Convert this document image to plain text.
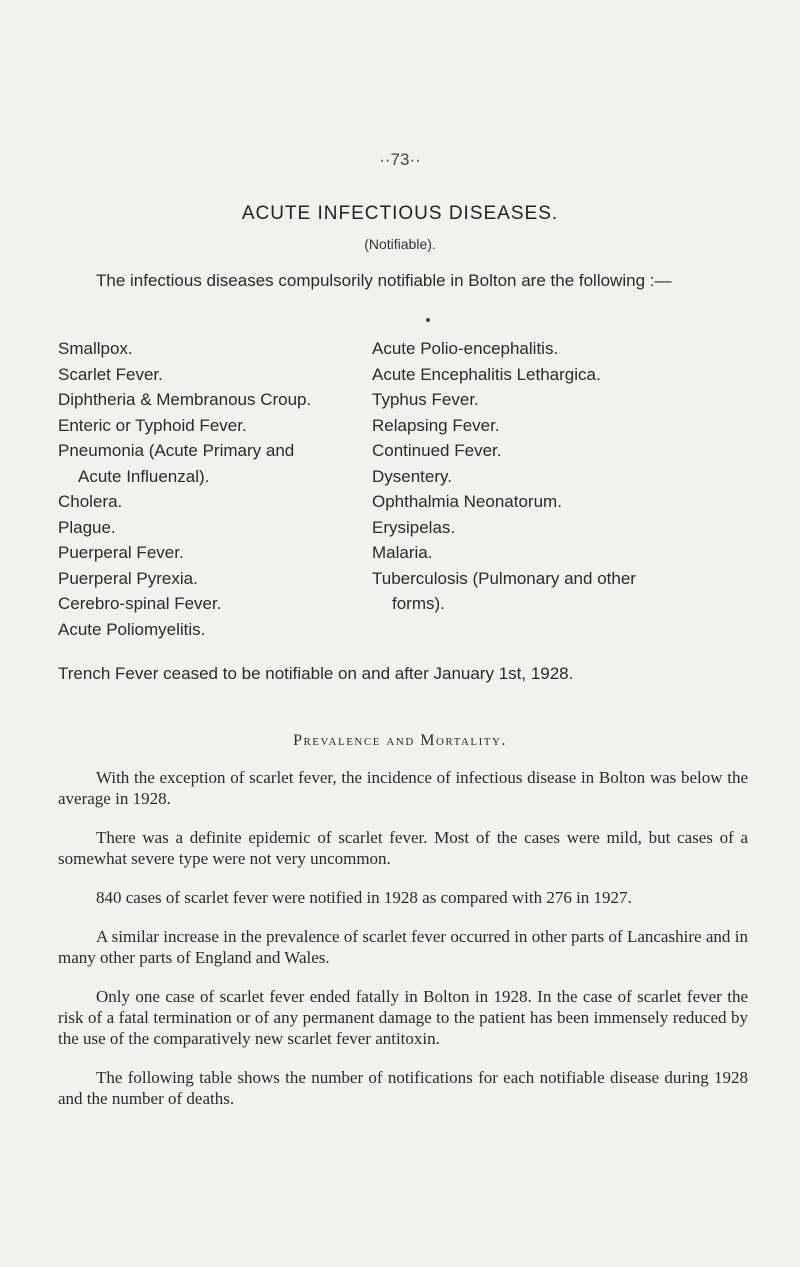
··73··
ACUTE INFECTIOUS DISEASES.
(Notifiable).

The infectious diseases compulsorily notifiable in Bolton are the following :—

Smallpox.
Scarlet Fever.
Diphtheria & Membranous Croup.
Enteric or Typhoid Fever.
Pneumonia (Acute Primary and
Acute Influenzal).
Cholera.
Plague.
Puerperal Fever.
Puerperal Pyrexia.
Cerebro-spinal Fever.
Acute Poliomyelitis.
Acute Polio-encephalitis.
Acute Encephalitis Lethargica.
Typhus Fever.
Relapsing Fever.
Continued Fever.
Dysentery.
Ophthalmia Neonatorum.
Erysipelas.
Malaria.
Tuberculosis (Pulmonary and other
forms).
Trench Fever ceased to be notifiable on and after January 1st, 1928.
Prevalence and Mortality.

With the exception of scarlet fever, the incidence of infectious disease in Bolton was below the average in 1928.

There was a definite epidemic of scarlet fever. Most of the cases were mild, but cases of a somewhat severe type were not very uncommon.

840 cases of scarlet fever were notified in 1928 as compared with 276 in 1927.

A similar increase in the prevalence of scarlet fever occurred in other parts of Lancashire and in many other parts of England and Wales.

Only one case of scarlet fever ended fatally in Bolton in 1928. In the case of scarlet fever the risk of a fatal termination or of any permanent damage to the patient has been immensely reduced by the use of the comparatively new scarlet fever antitoxin.

The following table shows the number of notifications for each notifiable disease during 1928 and the number of deaths.
